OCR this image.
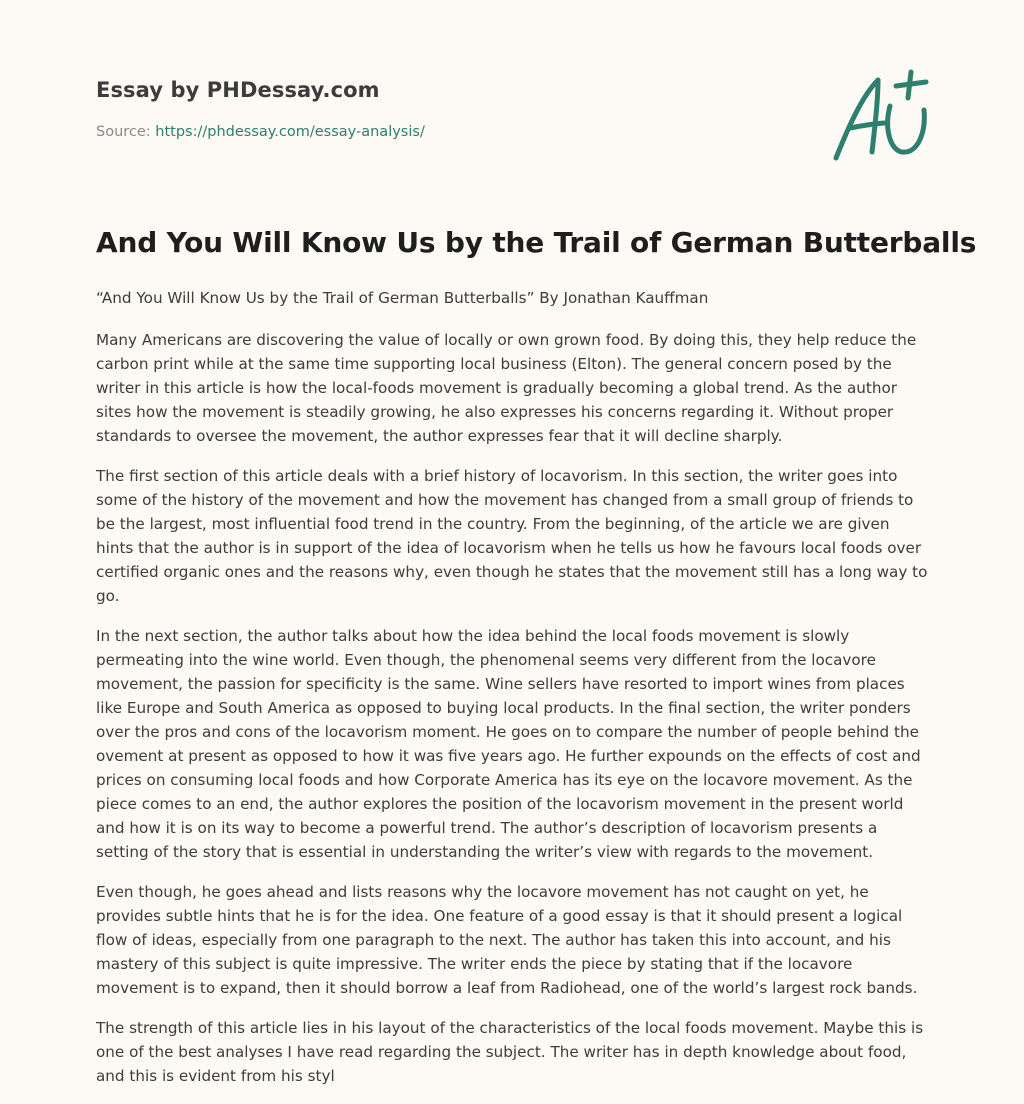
Essay by PHDessay.com
Source: https://phdessay.com/essay-analysis/
And You Will Know Us by the Trail of German Butterballs

“And You Will Know Us by the Trail of German Butterballs” By Jonathan Kauffman

Many Americans are discovering the value of locally or own grown food. By doing this, they help reduce the carbon print while at the same time supporting local business (Elton). The general concern posed by the writer in this article is how the local-foods movement is gradually becoming a global trend. As the author sites how the movement is steadily growing, he also expresses his concerns regarding it. Without proper standards to oversee the movement, the author expresses fear that it will decline sharply.

The first section of this article deals with a brief history of locavorism. In this section, the writer goes into some of the history of the movement and how the movement has changed from a small group of friends to be the largest, most influential food trend in the country. From the beginning, of the article we are given hints that the author is in support of the idea of locavorism when he tells us how he favours local foods over certified organic ones and the reasons why, even though he states that the movement still has a long way to go.

In the next section, the author talks about how the idea behind the local foods movement is slowly permeating into the wine world. Even though, the phenomenal seems very different from the locavore movement, the passion for specificity is the same. Wine sellers have resorted to import wines from places like Europe and South America as opposed to buying local products. In the final section, the writer ponders over the pros and cons of the locavorism moment. He goes on to compare the number of people behind the ovement at present as opposed to how it was five years ago. He further expounds on the effects of cost and prices on consuming local foods and how Corporate America has its eye on the locavore movement. As the piece comes to an end, the author explores the position of the locavorism movement in the present world and how it is on its way to become a powerful trend. The author’s description of locavorism presents a setting of the story that is essential in understanding the writer’s view with regards to the movement.

Even though, he goes ahead and lists reasons why the locavore movement has not caught on yet, he provides subtle hints that he is for the idea. One feature of a good essay is that it should present a logical flow of ideas, especially from one paragraph to the next. The author has taken this into account, and his mastery of this subject is quite impressive. The writer ends the piece by stating that if the locavore movement is to expand, then it should borrow a leaf from Radiohead, one of the world’s largest rock bands.

The strength of this article lies in his layout of the characteristics of the local foods movement. Maybe this is one of the best analyses I have read regarding the subject. The writer has in depth knowledge about food, and this is evident from his styl
